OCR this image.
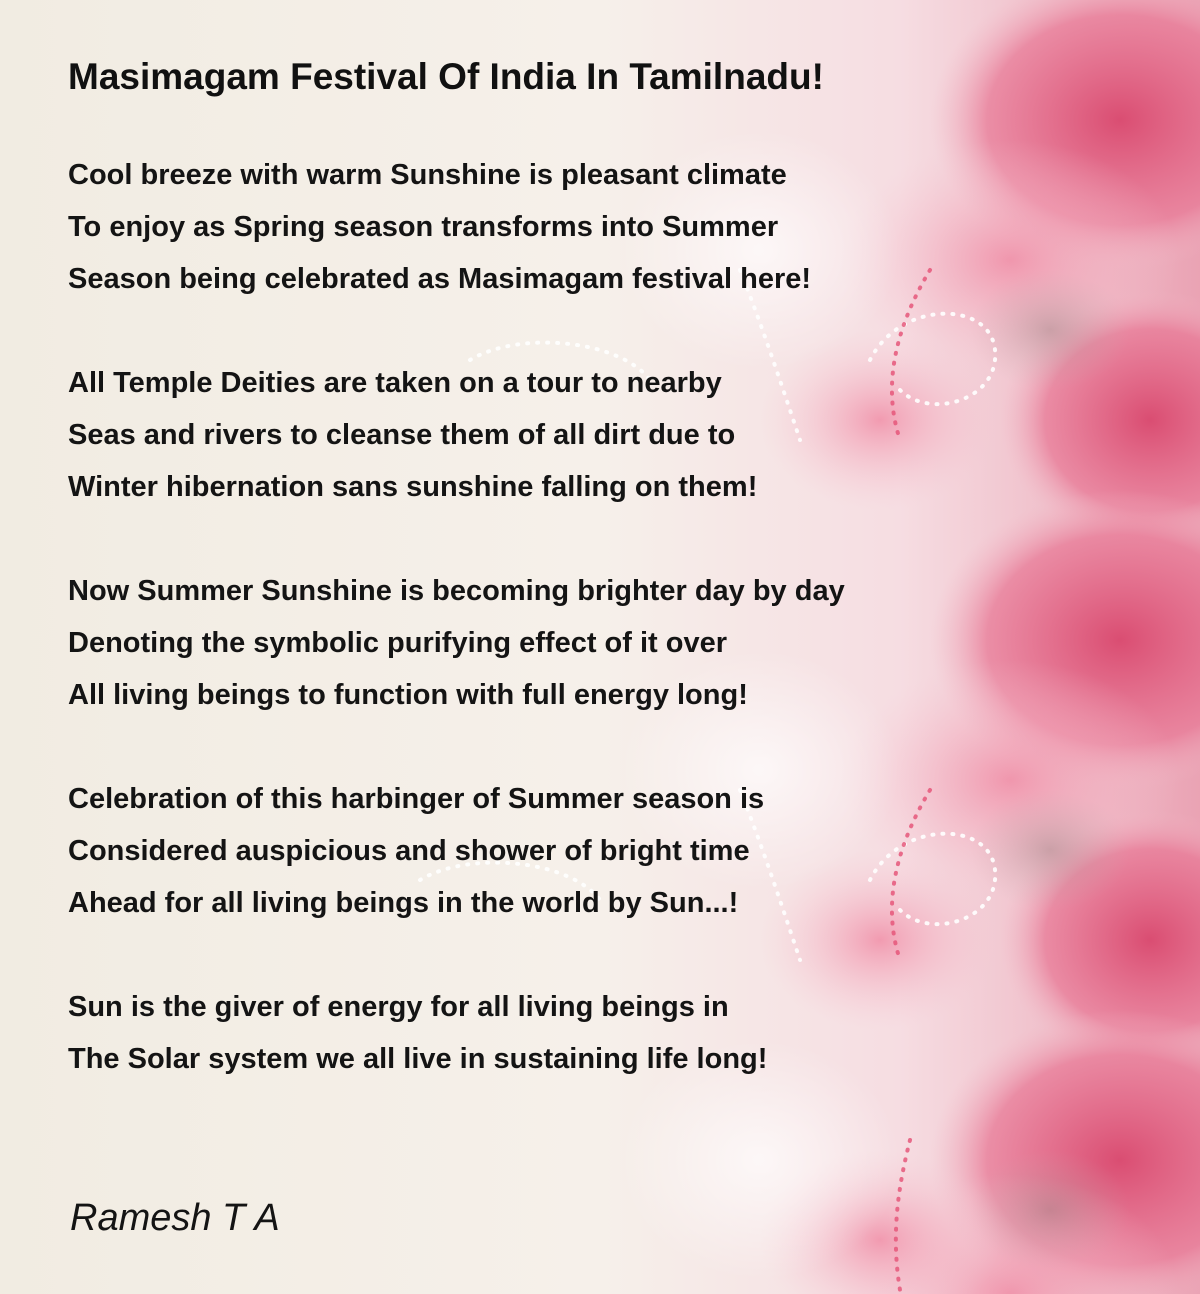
Masimagam Festival Of India In Tamilnadu!
Cool breeze with warm Sunshine is pleasant climate
To enjoy as Spring season transforms into Summer
Season being celebrated as Masimagam festival here!
All Temple Deities are taken on a tour to nearby
Seas and rivers to cleanse them of all dirt due to
Winter hibernation sans sunshine falling on them!
Now Summer Sunshine is becoming brighter day by day
Denoting the symbolic purifying effect of it over
All living beings to function with full energy long!
Celebration of this harbinger of Summer season is
Considered auspicious and shower of bright time
Ahead for all living beings in the world by Sun...!
Sun is the giver of energy for all living beings in
The Solar system we all live in sustaining life long!
Ramesh T A
